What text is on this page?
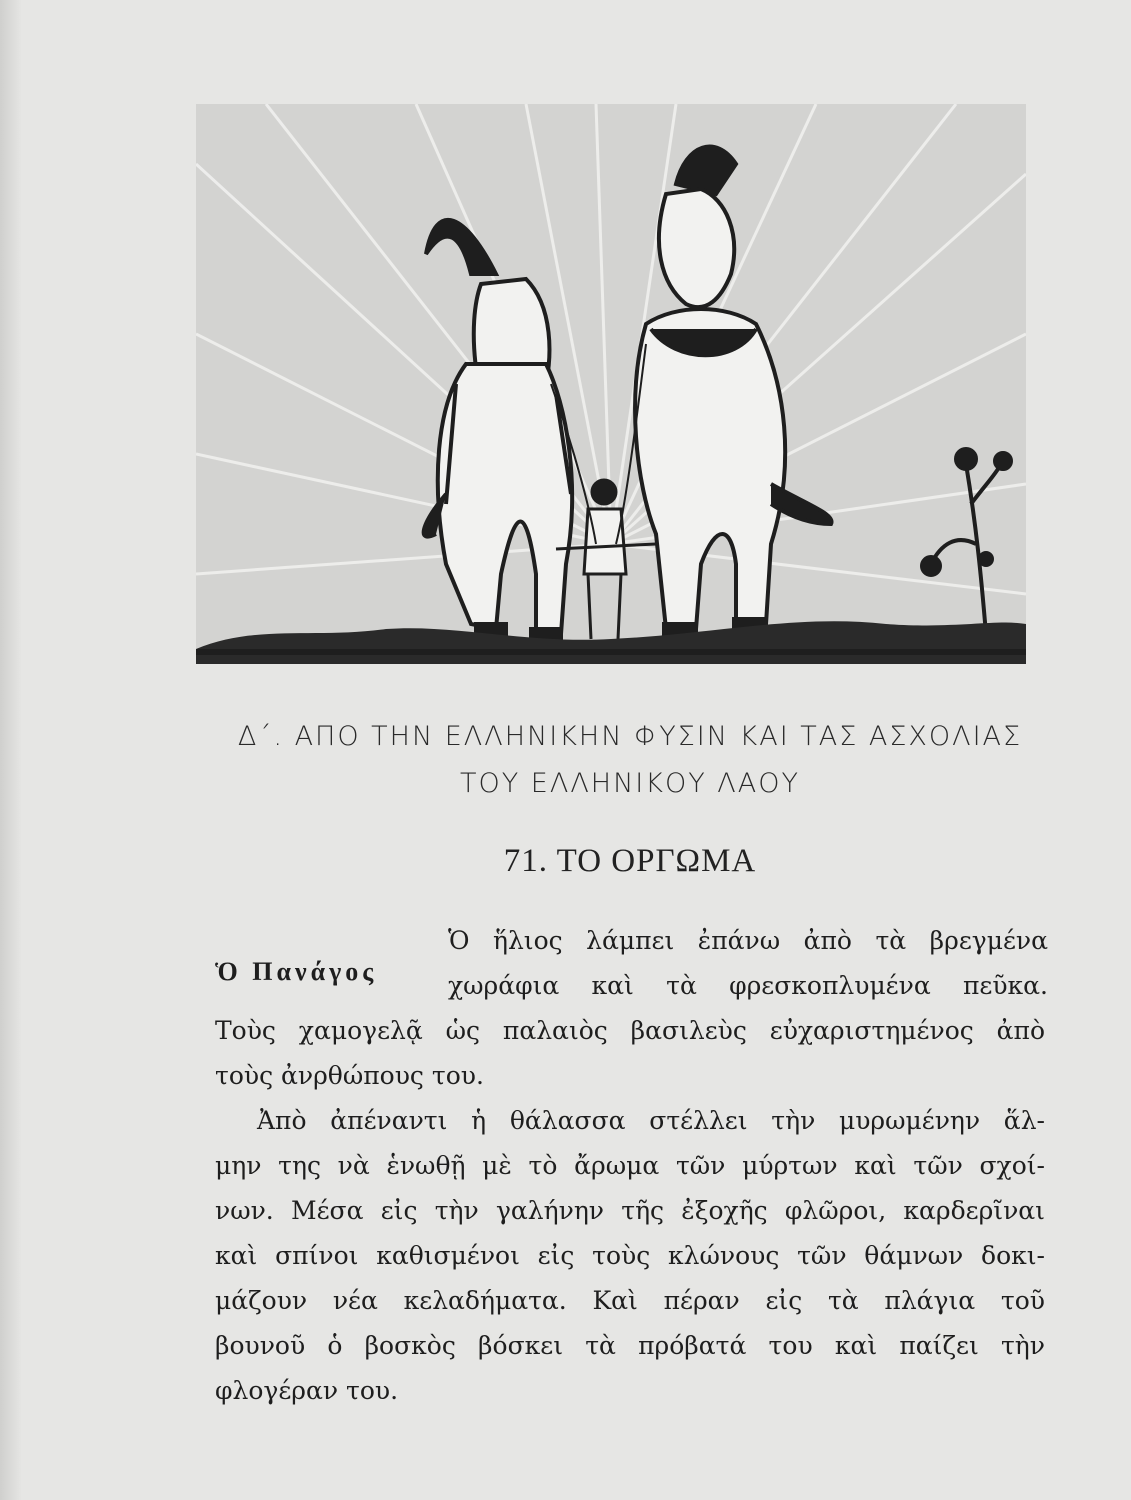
Δ΄. ΑΠΟ ΤΗΝ ΕΛΛΗΝΙΚΗΝ ΦΥΣΙΝ ΚΑΙ ΤΑΣ ΑΣΧΟΛΙΑΣ
ΤΟΥ ΕΛΛΗΝΙΚΟΥ ΛΑΟΥ
71. ΤΟ ΟΡΓΩΜΑ
Ὁ Πανάγος
Ὁ ἥλιος λάμπει ἐπάνω ἀπὸ τὰ βρεγμένα
χωράφια καὶ τὰ φρεσκοπλυμένα πεῦκα.
Τοὺς χαμογελᾷ ὡς παλαιὸς βασιλεὺς εὐχαριστημένος ἀπὸ
τοὺς ἀνρθώπους του.
Ἀπὸ ἀπέναντι ἡ θάλασσα στέλλει τὴν μυρωμένην ἅλ-
μην της νὰ ἑνωθῇ μὲ τὸ ἄρωμα τῶν μύρτων καὶ τῶν σχοί-
νων. Μέσα εἰς τὴν γαλήνην τῆς ἐξοχῆς φλῶροι, καρδερῖναι
καὶ σπίνοι καθισμένοι εἰς τοὺς κλώνους τῶν θάμνων δοκι-
μάζουν νέα κελαδήματα. Καὶ πέραν εἰς τὰ πλάγια τοῦ
βουνοῦ ὁ βοσκὸς βόσκει τὰ πρόβατά του καὶ παίζει τὴν
φλογέραν του.
